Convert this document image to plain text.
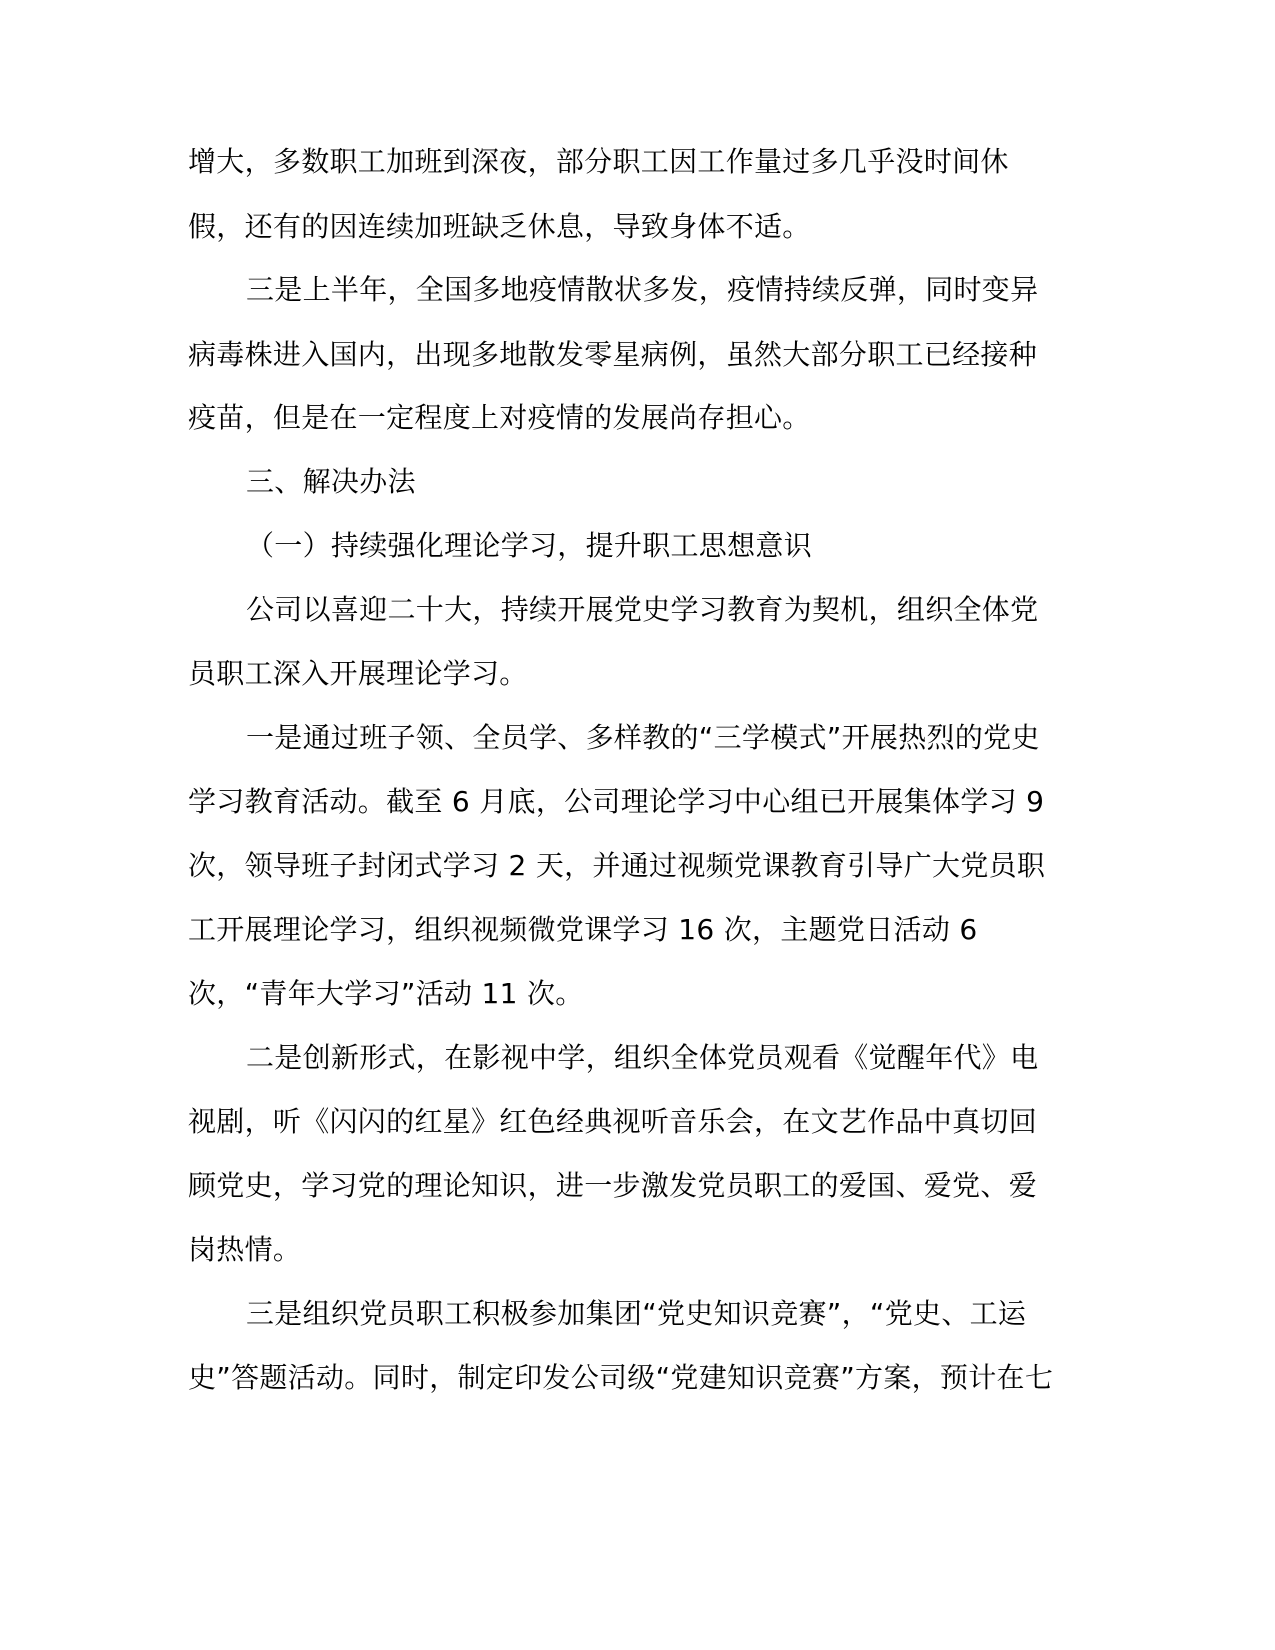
增大，多数职工加班到深夜，部分职工因工作量过多几乎没时间休
假，还有的因连续加班缺乏休息，导致身体不适。
三是上半年，全国多地疫情散状多发，疫情持续反弹，同时变异
病毒株进入国内，出现多地散发零星病例，虽然大部分职工已经接种
疫苗，但是在一定程度上对疫情的发展尚存担心。
三、解决办法
（一）持续强化理论学习，提升职工思想意识
公司以喜迎二十大，持续开展党史学习教育为契机，组织全体党
员职工深入开展理论学习。
一是通过班子领、全员学、多样教的“三学模式”开展热烈的党史
学习教育活动。截至 6 月底，公司理论学习中心组已开展集体学习 9
次，领导班子封闭式学习 2 天，并通过视频党课教育引导广大党员职
工开展理论学习，组织视频微党课学习 16 次，主题党日活动 6
次，“青年大学习”活动 11 次。
二是创新形式，在影视中学，组织全体党员观看《觉醒年代》电
视剧，听《闪闪的红星》红色经典视听音乐会，在文艺作品中真切回
顾党史，学习党的理论知识，进一步激发党员职工的爱国、爱党、爱
岗热情。
三是组织党员职工积极参加集团“党史知识竞赛”，“党史、工运
史”答题活动。同时，制定印发公司级“党建知识竞赛”方案，预计在七
